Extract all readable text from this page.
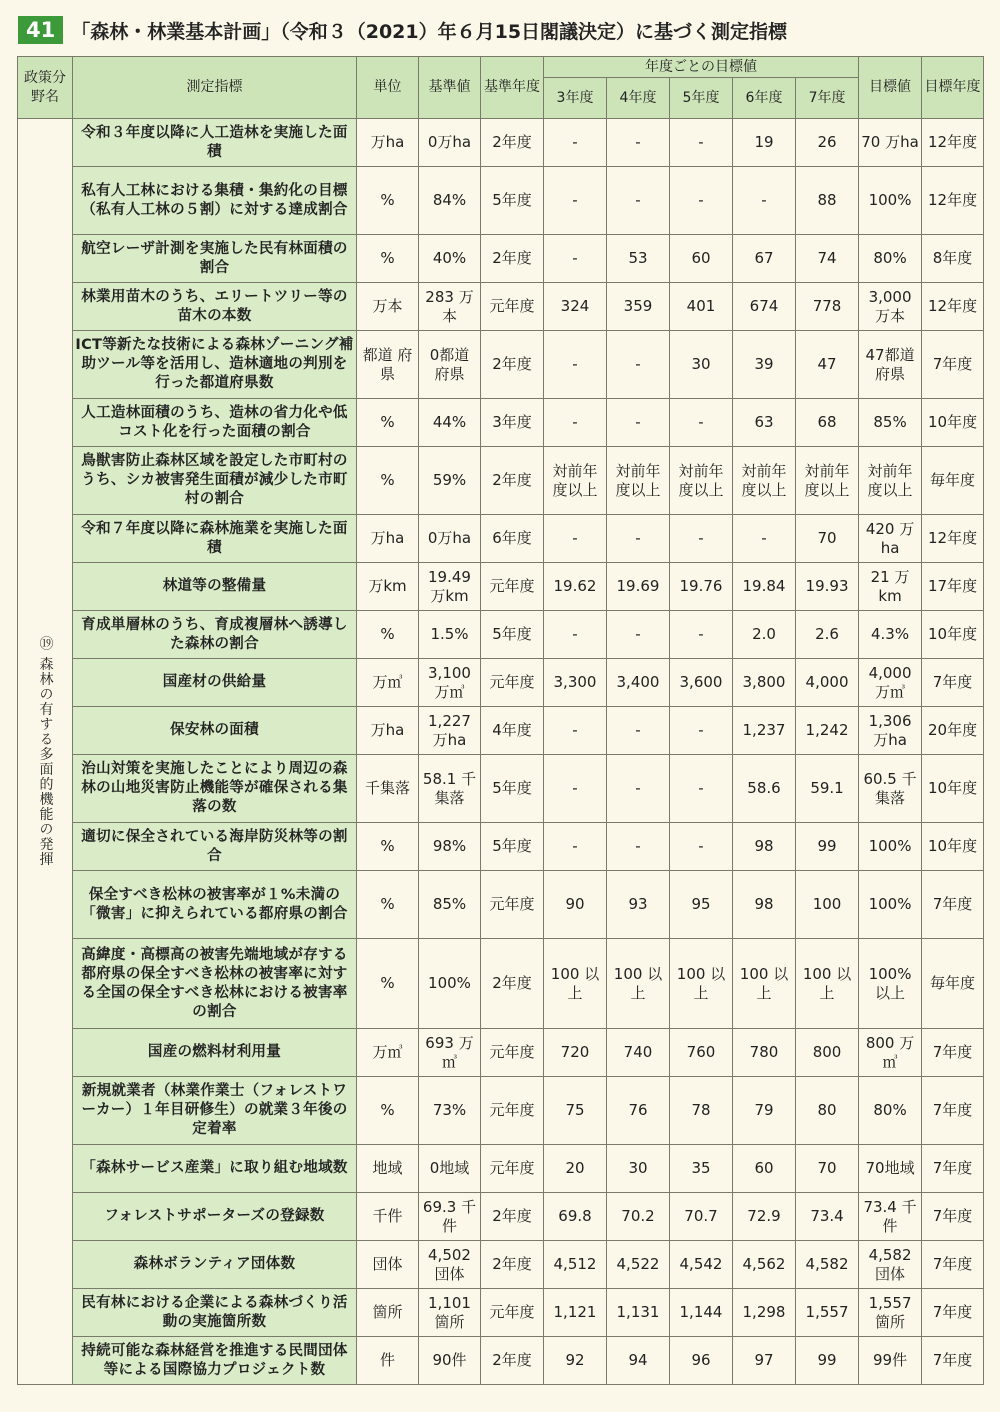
41 「森林・林業基本計画」（令和３（2021）年６月15日閣議決定）に基づく測定指標
政策分野名	測定指標	単位	基準値	基準年度	年度ごとの目標値					目標値	目標年度
					3年度	4年度	5年度	6年度	7年度		

⑲ 森林の有する多面的機能の発揮	令和３年度以降に人工造林を実施した面積	万ha	0万ha	2年度	-	-	-	19	26	70 万ha	12年度
	私有人工林における集積・集約化の目標（私有人工林の５割）に対する達成割合	%	84%	5年度	-	-	-	-	88	100%	12年度
	航空レーザ計測を実施した民有林面積の割合	%	40%	2年度	-	53	60	67	74	80%	8年度
	林業用苗木のうち、エリートツリー等の苗木の本数	万本	283 万本	元年度	324	359	401	674	778	3,000 万本	12年度
	ICT等新たな技術による森林ゾーニング補助ツール等を活用し、造林適地の判別を行った都道府県数	都道 府県	0都道 府県	2年度	-	-	30	39	47	47都道 府県	7年度
	人工造林面積のうち、造林の省力化や低コスト化を行った面積の割合	%	44%	3年度	-	-	-	63	68	85%	10年度
	鳥獣害防止森林区域を設定した市町村のうち、シカ被害発生面積が減少した市町村の割合	%	59%	2年度	対前年 度以上	対前年 度以上	対前年 度以上	対前年 度以上	対前年 度以上	対前年 度以上	毎年度
	令和７年度以降に森林施業を実施した面積	万ha	0万ha	6年度	-	-	-	-	70	420 万ha	12年度
	林道等の整備量	万km	19.49 万km	元年度	19.62	19.69	19.76	19.84	19.93	21 万km	17年度
	育成単層林のうち、育成複層林へ誘導した森林の割合	%	1.5%	5年度	-	-	-	2.0	2.6	4.3%	10年度
	国産材の供給量	万㎥	3,100 万㎥	元年度	3,300	3,400	3,600	3,800	4,000	4,000 万㎥	7年度
	保安林の面積	万ha	1,227 万ha	4年度	-	-	-	1,237	1,242	1,306 万ha	20年度
	治山対策を実施したことにより周辺の森林の山地災害防止機能等が確保される集落の数	千集落	58.1 千集落	5年度	-	-	-	58.6	59.1	60.5 千集落	10年度
	適切に保全されている海岸防災林等の割合	%	98%	5年度	-	-	-	98	99	100%	10年度
	保全すべき松林の被害率が１%未満の「微害」に抑えられている都府県の割合	%	85%	元年度	90	93	95	98	100	100%	7年度
	高緯度・高標高の被害先端地域が存する都府県の保全すべき松林の被害率に対する全国の保全すべき松林における被害率の割合	%	100%	2年度	100 以上	100 以上	100 以上	100 以上	100 以上	100% 以上	毎年度
	国産の燃料材利用量	万㎥	693 万㎥	元年度	720	740	760	780	800	800 万㎥	7年度
	新規就業者（林業作業士（フォレストワーカー）１年目研修生）の就業３年後の定着率	%	73%	元年度	75	76	78	79	80	80%	7年度
	「森林サービス産業」に取り組む地域数	地域	0地域	元年度	20	30	35	60	70	70地域	7年度
	フォレストサポーターズの登録数	千件	69.3 千件	2年度	69.8	70.2	70.7	72.9	73.4	73.4 千件	7年度
	森林ボランティア団体数	団体	4,502 団体	2年度	4,512	4,522	4,542	4,562	4,582	4,582 団体	7年度
	民有林における企業による森林づくり活動の実施箇所数	箇所	1,101 箇所	元年度	1,121	1,131	1,144	1,298	1,557	1,557 箇所	7年度
	持続可能な森林経営を推進する民間団体等による国際協力プロジェクト数	件	90件	2年度	92	94	96	97	99	99件	7年度
